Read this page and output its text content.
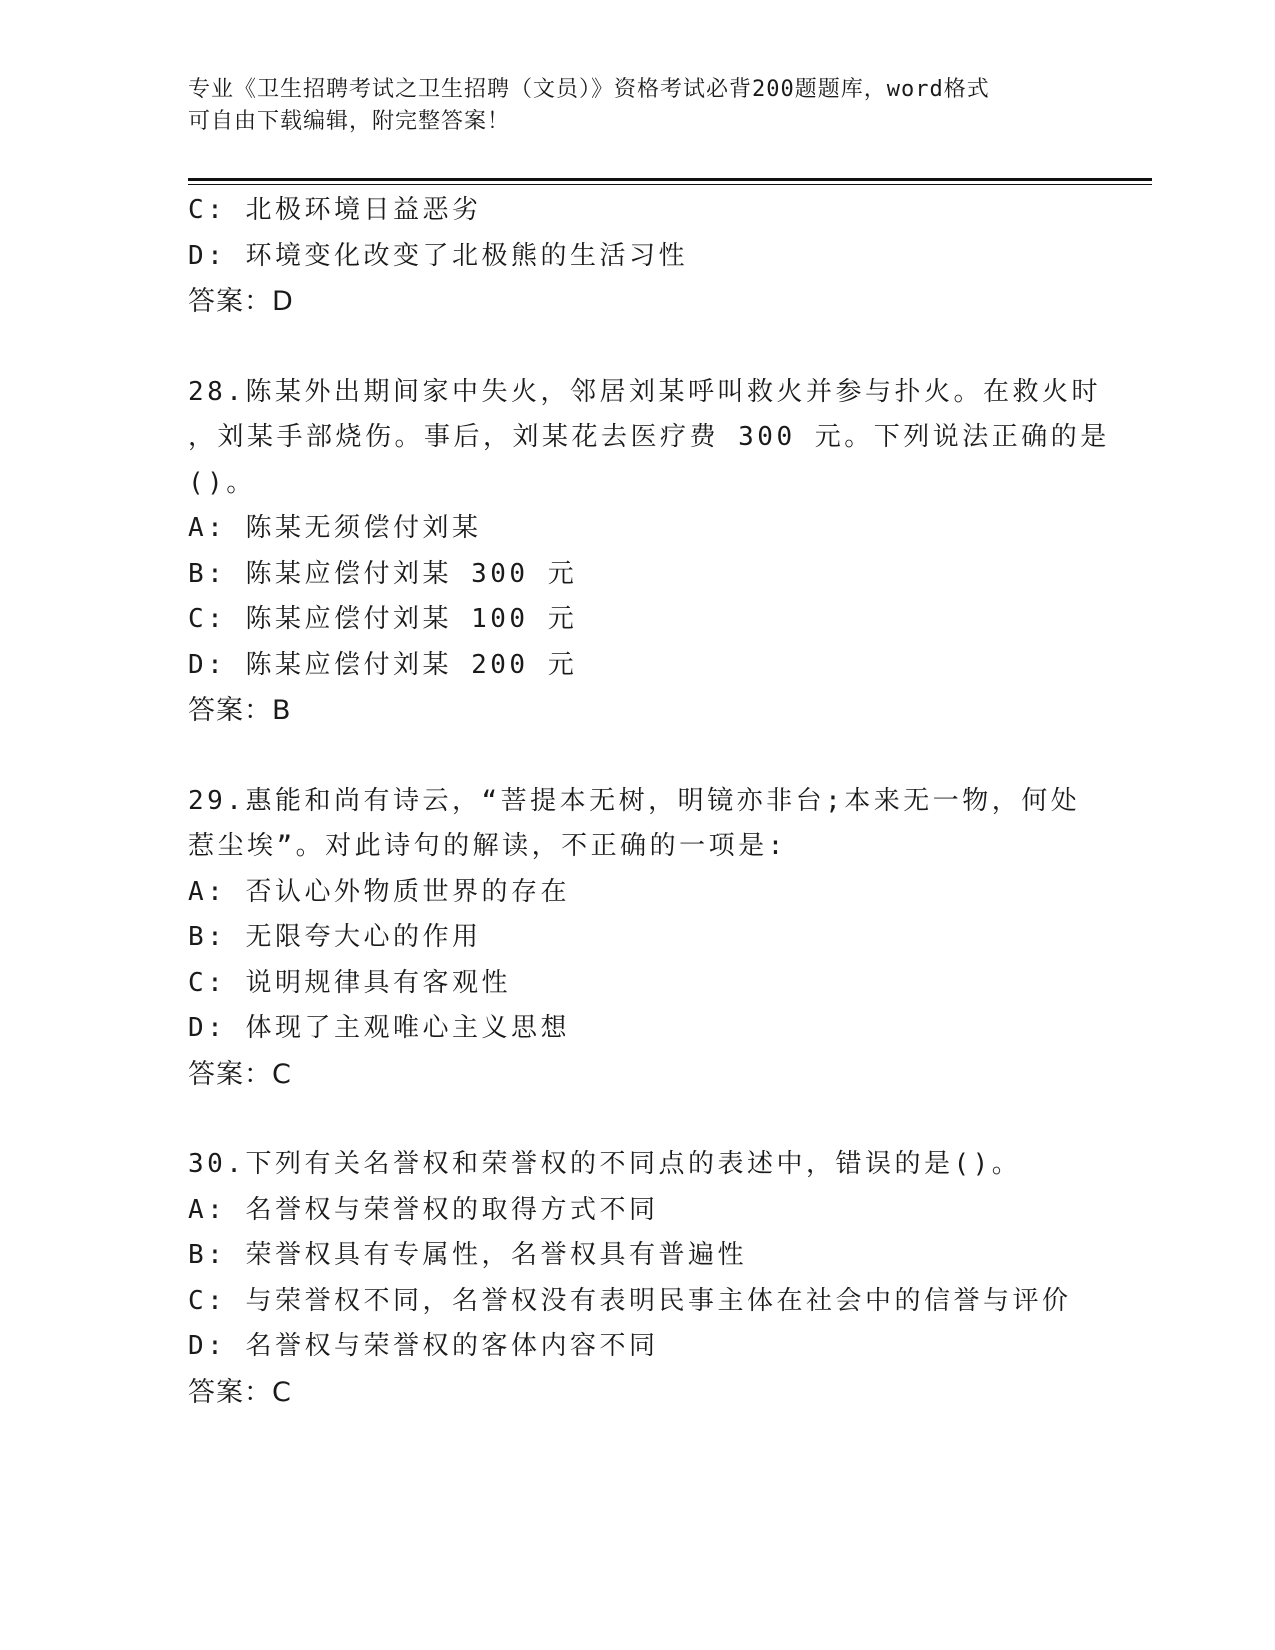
专业《卫生招聘考试之卫生招聘（文员）》资格考试必背200题题库，word格式
可自由下载编辑，附完整答案！
C: 北极环境日益恶劣
D: 环境变化改变了北极熊的生活习性
答案：D
28.陈某外出期间家中失火，邻居刘某呼叫救火并参与扑火。在救火时
，刘某手部烧伤。事后，刘某花去医疗费 300 元。下列说法正确的是
()。
A: 陈某无须偿付刘某
B: 陈某应偿付刘某 300 元
C: 陈某应偿付刘某 100 元
D: 陈某应偿付刘某 200 元
答案：B
29.惠能和尚有诗云，“菩提本无树，明镜亦非台;本来无一物，何处
惹尘埃”。对此诗句的解读，不正确的一项是:
A: 否认心外物质世界的存在
B: 无限夸大心的作用
C: 说明规律具有客观性
D: 体现了主观唯心主义思想
答案：C
30.下列有关名誉权和荣誉权的不同点的表述中，错误的是()。
A: 名誉权与荣誉权的取得方式不同
B: 荣誉权具有专属性，名誉权具有普遍性
C: 与荣誉权不同，名誉权没有表明民事主体在社会中的信誉与评价
D: 名誉权与荣誉权的客体内容不同
答案：C
